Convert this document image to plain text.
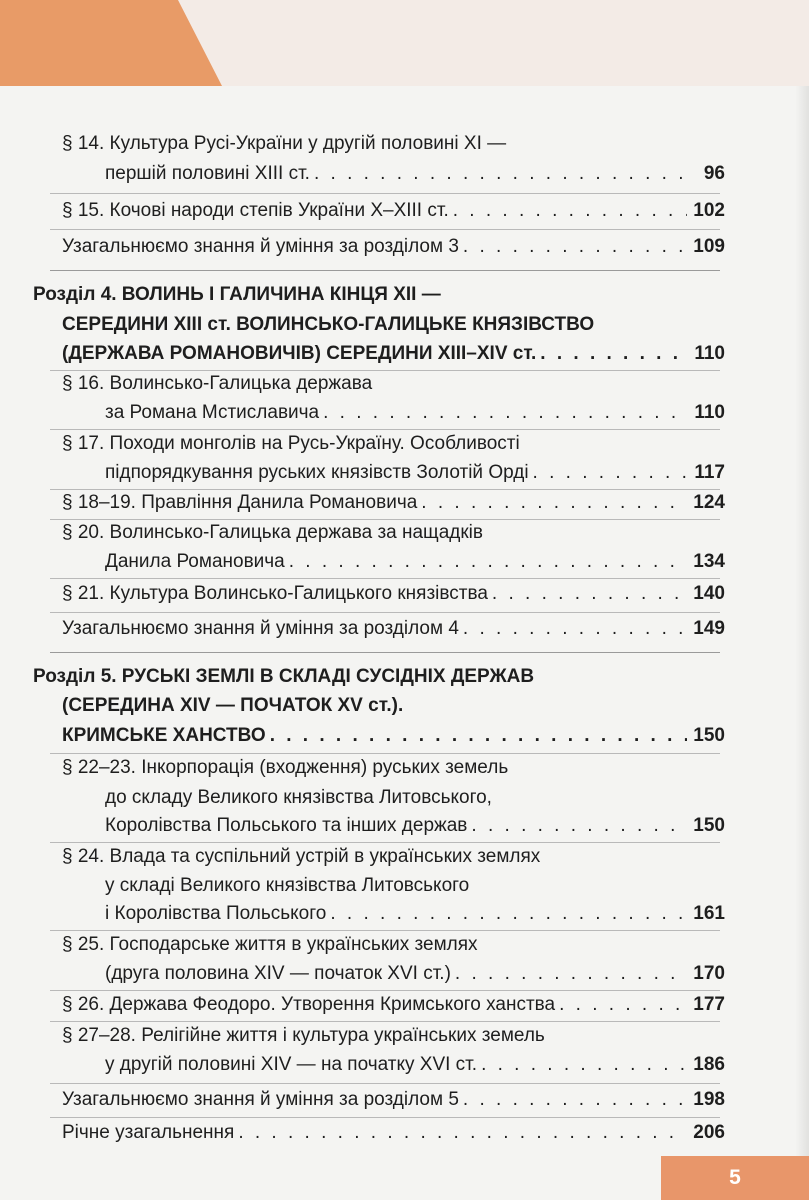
§ 14. Культура Русі-України у другій половині XI —
першій половині XIII ст. . . .	96
§ 15. Кочові народи степів України X–XIII ст. . . .	102
Узагальнюємо знання й уміння за розділом 3 . . .	109
Розділ 4. ВОЛИНЬ І ГАЛИЧИНА КІНЦЯ XII —
СЕРЕДИНИ XIII ст. ВОЛИНСЬКО-ГАЛИЦЬКЕ КНЯЗІВСТВО
(ДЕРЖАВА РОМАНОВИЧІВ) СЕРЕДИНИ XIII–XIV ст. . . .	110
§ 16. Волинсько-Галицька держава
за Романа Мстиславича . . .	110
§ 17. Походи монголів на Русь-Україну. Особливості
підпорядкування руських князівств Золотій Орді . . .	117
§ 18–19. Правління Данила Романовича . . .	124
§ 20. Волинсько-Галицька держава за нащадків
Данила Романовича . . .	134
§ 21. Культура Волинсько-Галицького князівства . . .	140
Узагальнюємо знання й уміння за розділом 4 . . .	149
Розділ 5. РУСЬКІ ЗЕМЛІ В СКЛАДІ СУСІДНІХ ДЕРЖАВ
(СЕРЕДИНА XIV — ПОЧАТОК XV ст.).
КРИМСЬКЕ ХАНСТВО . . .	150
§ 22–23. Інкорпорація (входження) руських земель
до складу Великого князівства Литовського,
Королівства Польського та інших держав . . .	150
§ 24. Влада та суспільний устрій в українських землях
у складі Великого князівства Литовського
і Королівства Польського . . .	161
§ 25. Господарське життя в українських землях
(друга половина XIV — початок XVI ст.) . . .	170
§ 26. Держава Феодоро. Утворення Кримського ханства . . .	177
§ 27–28. Релігійне життя і культура українських земель
у другій половині XIV — на початку XVI ст. . . .	186
Узагальнюємо знання й уміння за розділом 5 . . .	198
Річне узагальнення . . .	206
5
